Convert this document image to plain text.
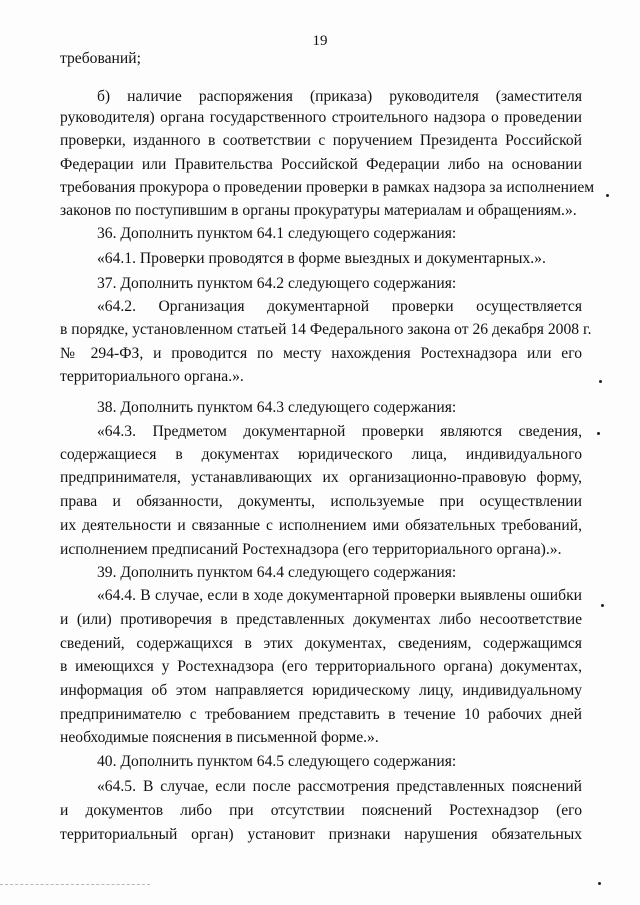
19
требований;
б) наличие распоряжения (приказа) руководителя (заместителя
руководителя) органа государственного строительного надзора о проведении
проверки, изданного в соответствии с поручением Президента Российской
Федерации или Правительства Российской Федерации либо на основании
требования прокурора о проведении проверки в рамках надзора за исполнением
законов по поступившим в органы прокуратуры материалам и обращениям.».
36. Дополнить пунктом 64.1 следующего содержания:
«64.1. Проверки проводятся в форме выездных и документарных.».
37. Дополнить пунктом 64.2 следующего содержания:
«64.2. Организация документарной проверки осуществляется
в порядке, установленном статьей 14 Федерального закона от 26 декабря 2008 г.
№ 294-ФЗ, и проводится по месту нахождения Ростехнадзора или его
территориального органа.».
38. Дополнить пунктом 64.3 следующего содержания:
«64.3. Предметом документарной проверки являются сведения,
содержащиеся в документах юридического лица, индивидуального
предпринимателя, устанавливающих их организационно-правовую форму,
права и обязанности, документы, используемые при осуществлении
их деятельности и связанные с исполнением ими обязательных требований,
исполнением предписаний Ростехнадзора (его территориального органа).».
39. Дополнить пунктом 64.4 следующего содержания:
«64.4. В случае, если в ходе документарной проверки выявлены ошибки
и (или) противоречия в представленных документах либо несоответствие
сведений, содержащихся в этих документах, сведениям, содержащимся
в имеющихся у Ростехнадзора (его территориального органа) документах,
информация об этом направляется юридическому лицу, индивидуальному
предпринимателю с требованием представить в течение 10 рабочих дней
необходимые пояснения в письменной форме.».
40. Дополнить пунктом 64.5 следующего содержания:
«64.5. В случае, если после рассмотрения представленных пояснений
и документов либо при отсутствии пояснений Ростехнадзор (его
территориальный орган) установит признаки нарушения обязательных
